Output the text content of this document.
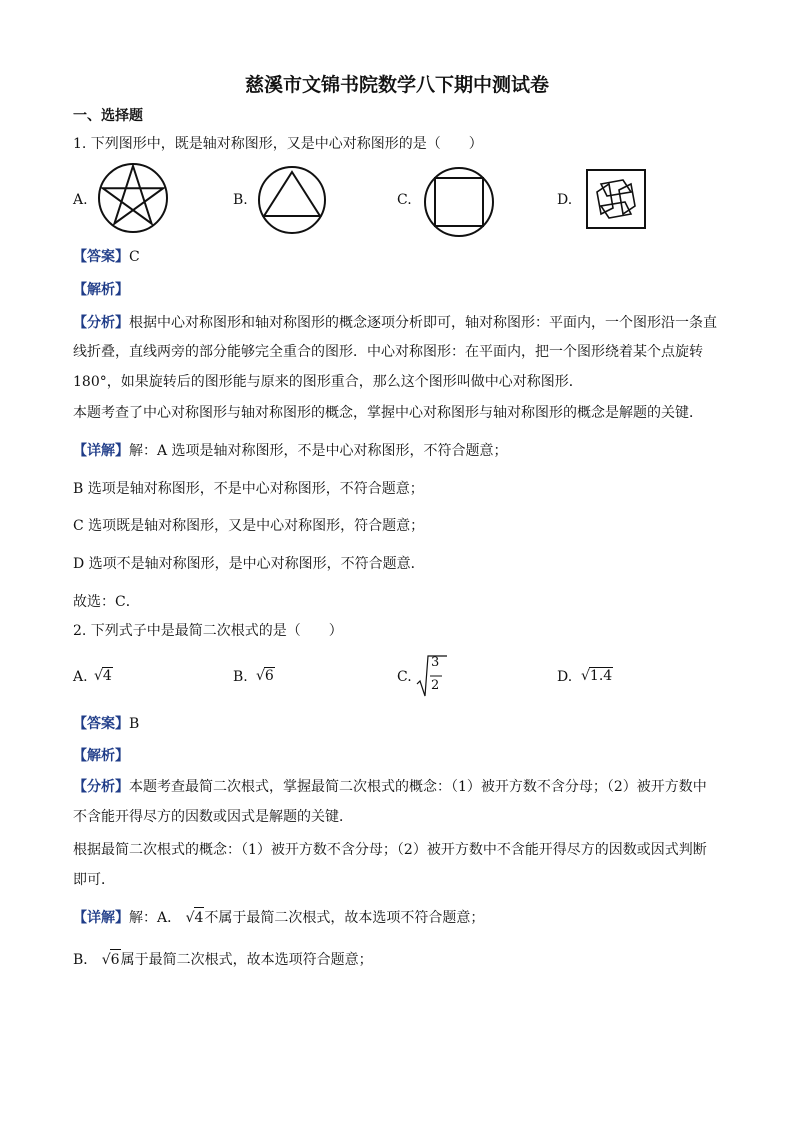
慈溪市文锦书院数学八下期中测试卷
一、选择题
1. 下列图形中，既是轴对称图形，又是中心对称图形的是（　　）
A.	B.	C.	D.
【答案】C
【解析】
【分析】根据中心对称图形和轴对称图形的概念逐项分析即可，轴对称图形：平面内，一个图形沿一条直
线折叠，直线两旁的部分能够完全重合的图形．中心对称图形：在平面内，把一个图形绕着某个点旋转
180°，如果旋转后的图形能与原来的图形重合，那么这个图形叫做中心对称图形．
本题考查了中心对称图形与轴对称图形的概念，掌握中心对称图形与轴对称图形的概念是解题的关键．
【详解】解：A 选项是轴对称图形，不是中心对称图形，不符合题意；
B 选项是轴对称图形，不是中心对称图形，不符合题意；
C 选项既是轴对称图形，又是中心对称图形，符合题意；
D 选项不是轴对称图形，是中心对称图形，不符合题意．
故选：C．
2. 下列式子中是最简二次根式的是（　　）
A. √4	B. √6	C.
3
2
D. √1.4
【答案】B
【解析】
【分析】本题考查最简二次根式，掌握最简二次根式的概念：（1）被开方数不含分母；（2）被开方数中
不含能开得尽方的因数或因式是解题的关键．
根据最简二次根式的概念：（1）被开方数不含分母；（2）被开方数中不含能开得尽方的因数或因式判断
即可．
【详解】解：A． √4不属于最简二次根式，故本选项不符合题意；
B． √6属于最简二次根式，故本选项符合题意；
